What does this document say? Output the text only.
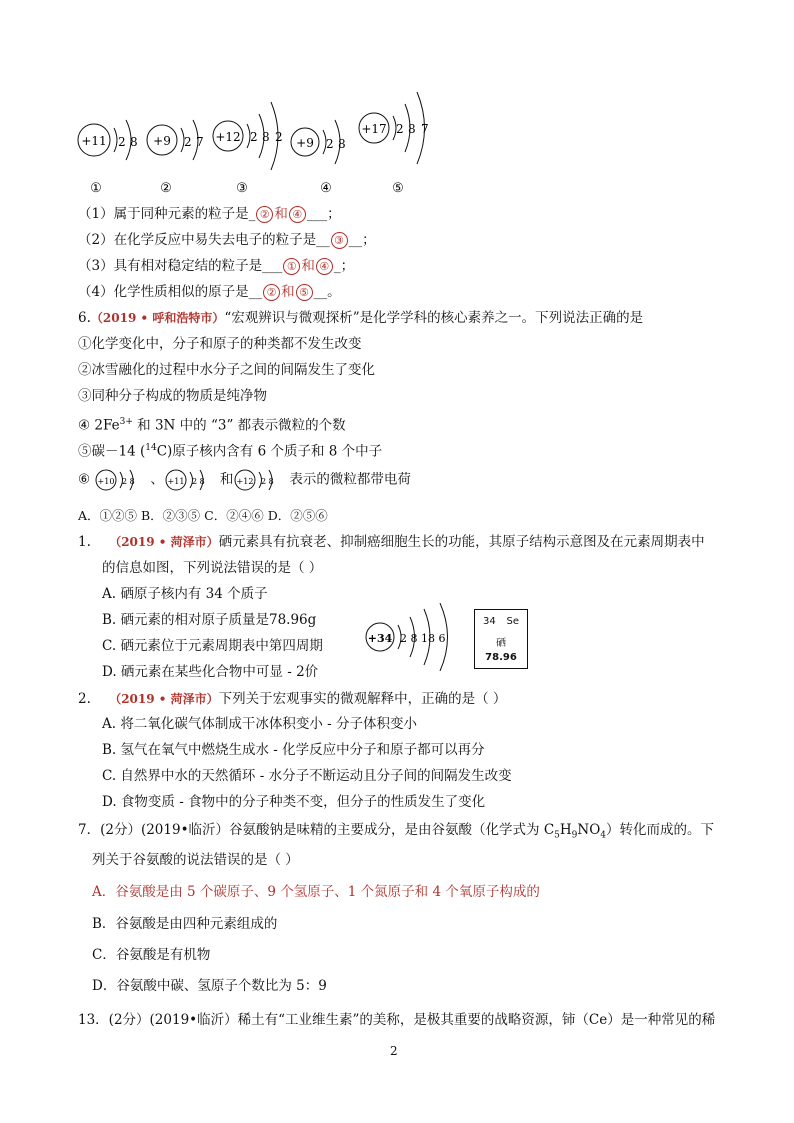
+11 2 8
①
+9 2 7
②
+12 2 8 2
③
+9 2 8
④
+17 2 8 7
⑤
（1）属于同种元素的粒子是_ ② 和 ④ ___；
（2）在化学反应中易失去电子的粒子是__ ③ __；
（3）具有相对稳定结的粒子是___ ① 和 ④ _；
（4）化学性质相似的原子是__ ② 和 ⑤ __。
6.（2019 • 呼和浩特市）“宏观辨识与微观探析”是化学学科的核心素养之一。下列说法正确的是
①化学变化中，分子和原子的种类都不发生改变
②冰雪融化的过程中水分子之间的间隔发生了变化
③同种分子构成的物质是纯净物
④ $2Fe^{3+}$ 和 3N 中的 “3” 都表示微粒的个数
⑤碳－14 ($^{14}$C)原子核内含有 6 个质子和 8 个中子
⑥ +10 2 8 、 +11 2 8 和 +12 2 8 表示的微粒都带电荷
A．①②⑤ B．②③⑤ C．②④⑥ D．②⑤⑥
1. （2019 • 菏泽市）硒元素具有抗衰老、抑制癌细胞生长的功能，其原子结构示意图及在元素周期表中
的信息如图，下列说法错误的是（ ）
A. 硒原子核内有 34 个质子
B. 硒元素的相对原子质量是78.96g
C. 硒元素位于元素周期表中第四周期
D. 硒元素在某些化合物中可显 - 2价
+34 2 8 18 6
34 Se
硒
78.96
2. （2019 • 菏泽市）下列关于宏观事实的微观解释中，正确的是（ ）
A. 将二氧化碳气体制成干冰体积变小 - 分子体积变小
B. 氢气在氧气中燃烧生成水 - 化学反应中分子和原子都可以再分
C. 自然界中水的天然循环 - 水分子不断运动且分子间的间隔发生改变
D. 食物变质 - 食物中的分子种类不变，但分子的性质发生了变化
7．(2分）(2019•临沂）谷氨酸钠是味精的主要成分，是由谷氨酸（化学式为 $C_5H_9NO_4$）转化而成的。下
列关于谷氨酸的说法错误的是（ ）
A．谷氨酸是由 5 个碳原子、9 个氢原子、1 个氮原子和 4 个氧原子构成的
B．谷氨酸是由四种元素组成的
C．谷氨酸是有机物
D．谷氨酸中碳、氢原子个数比为 5：9
13．(2分）(2019•临沂）稀土有“工业维生素”的美称，是极其重要的战略资源，铈（Ce）是一种常见的稀
2
